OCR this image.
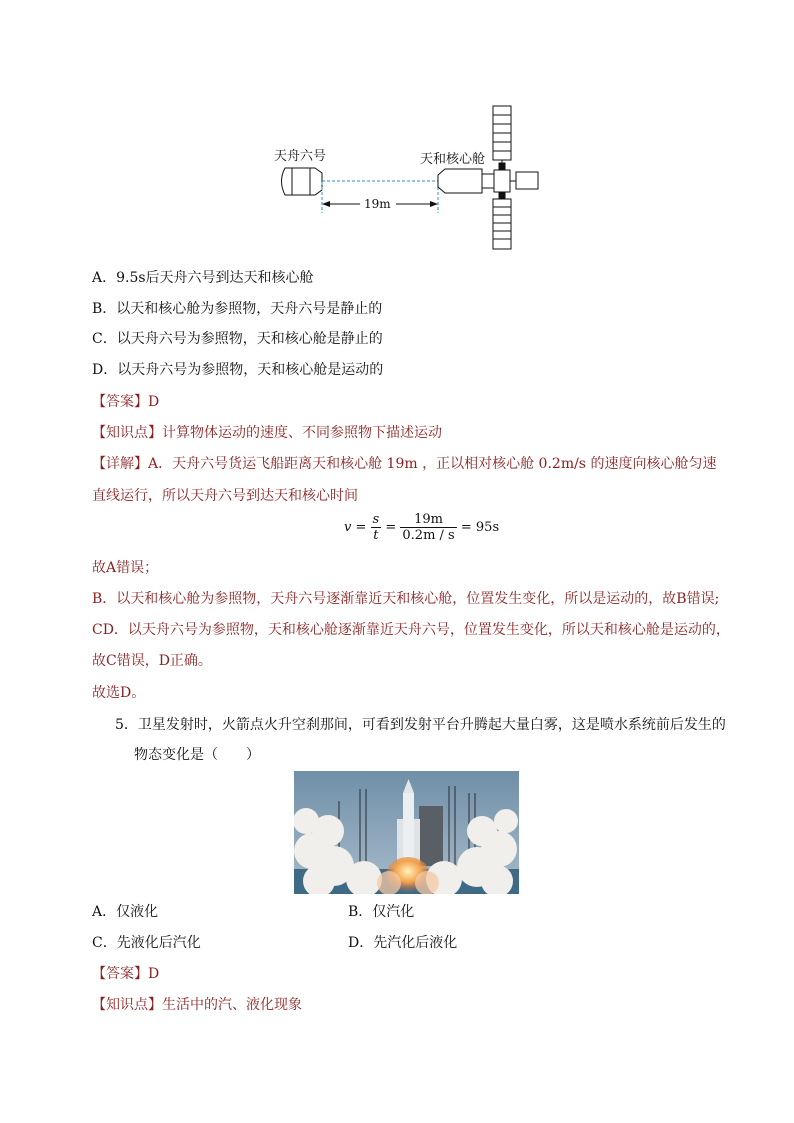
天舟六号	天和核心舱
19m
A．9.5s后天舟六号到达天和核心舱
B．以天和核心舱为参照物，天舟六号是静止的
C．以天舟六号为参照物，天和核心舱是静止的
D．以天舟六号为参照物，天和核心舱是运动的
【答案】D
【知识点】计算物体运动的速度、不同参照物下描述运动
【详解】A．天舟六号货运飞船距离天和核心舱 19m ，正以相对核心舱 0.2m/s 的速度向核心舱匀速
直线运行，所以天舟六号到达天和核心时间
$v = \frac{s}{t} = \frac{19m}{0.2m / s} = 95s$
故A错误；
B．以天和核心舱为参照物，天舟六号逐渐靠近天和核心舱，位置发生变化，所以是运动的，故B错误;
CD．以天舟六号为参照物，天和核心舱逐渐靠近天舟六号，位置发生变化，所以天和核心舱是运动的，
故C错误，D正确。
故选D。
5．卫星发射时，火箭点火升空刹那间，可看到发射平台升腾起大量白雾，这是喷水系统前后发生的
物态变化是（　　）
A．仅液化	B．仅汽化
C．先液化后汽化	D．先汽化后液化
【答案】D
【知识点】生活中的汽、液化现象
